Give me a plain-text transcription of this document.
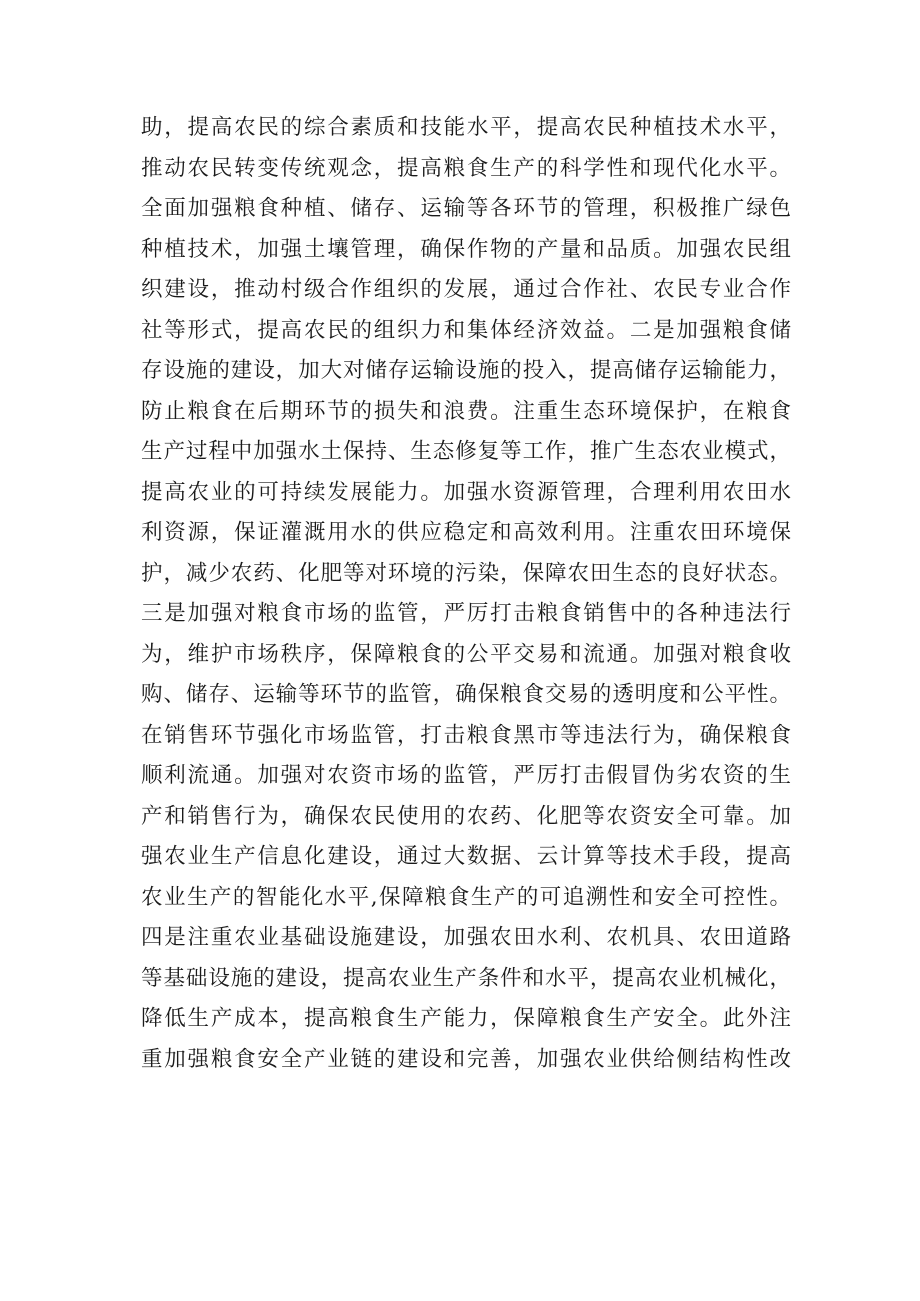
助，提高农民的综合素质和技能水平，提高农民种植技术水平，
推动农民转变传统观念，提高粮食生产的科学性和现代化水平。
全面加强粮食种植、储存、运输等各环节的管理，积极推广绿色
种植技术，加强土壤管理，确保作物的产量和品质。加强农民组
织建设，推动村级合作组织的发展，通过合作社、农民专业合作
社等形式，提高农民的组织力和集体经济效益。二是加强粮食储
存设施的建设，加大对储存运输设施的投入，提高储存运输能力，
防止粮食在后期环节的损失和浪费。注重生态环境保护，在粮食
生产过程中加强水土保持、生态修复等工作，推广生态农业模式，
提高农业的可持续发展能力。加强水资源管理，合理利用农田水
利资源，保证灌溉用水的供应稳定和高效利用。注重农田环境保
护，减少农药、化肥等对环境的污染，保障农田生态的良好状态。
三是加强对粮食市场的监管，严厉打击粮食销售中的各种违法行
为，维护市场秩序，保障粮食的公平交易和流通。加强对粮食收
购、储存、运输等环节的监管，确保粮食交易的透明度和公平性。
在销售环节强化市场监管，打击粮食黑市等违法行为，确保粮食
顺利流通。加强对农资市场的监管，严厉打击假冒伪劣农资的生
产和销售行为，确保农民使用的农药、化肥等农资安全可靠。加
强农业生产信息化建设，通过大数据、云计算等技术手段，提高
农业生产的智能化水平,保障粮食生产的可追溯性和安全可控性。
四是注重农业基础设施建设，加强农田水利、农机具、农田道路
等基础设施的建设，提高农业生产条件和水平，提高农业机械化，
降低生产成本，提高粮食生产能力，保障粮食生产安全。此外注
重加强粮食安全产业链的建设和完善，加强农业供给侧结构性改
